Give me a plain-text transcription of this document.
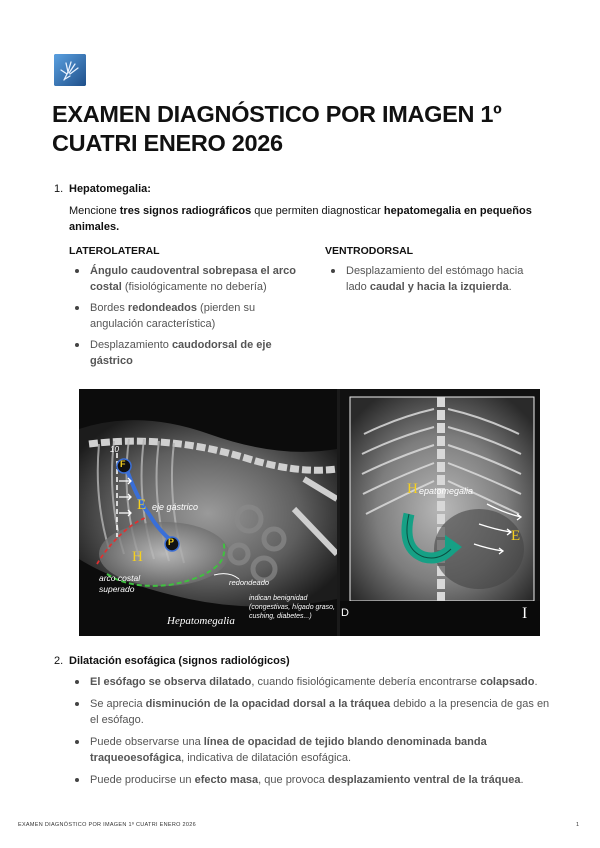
EXAMEN DIAGNÓSTICO POR IMAGEN 1º
CUATRI ENERO 2026
1. Hepatomegalia:
Mencione tres signos radiográficos que permiten diagnosticar hepatomegalia en pequeños animales.
LATEROLATERAL	VENTRODORSAL
Ángulo caudoventral sobrepasa el arco costal (fisiológicamente no debería)
Bordes redondeados (pierden su angulación característica)
Desplazamiento caudodorsal de eje gástrico
Desplazamiento del estómago hacia lado caudal y hacia la izquierda.
F
P
E
H
10
eje gástrico
arco costal superado
redondeado
indican benignidad (congestivas, hígado graso, cushing, diabetes...)
Hepatomegalia
D
H epatomegalia
E
I
2. Dilatación esofágica (signos radiológicos)
El esófago se observa dilatado, cuando fisiológicamente debería encontrarse colapsado.
Se aprecia disminución de la opacidad dorsal a la tráquea debido a la presencia de gas en el esófago.
Puede observarse una línea de opacidad de tejido blando denominada banda traqueoesofágica, indicativa de dilatación esofágica.
Puede producirse un efecto masa, que provoca desplazamiento ventral de la tráquea.
EXAMEN DIAGNÓSTICO POR IMAGEN 1º CUATRI ENERO 2026	1
